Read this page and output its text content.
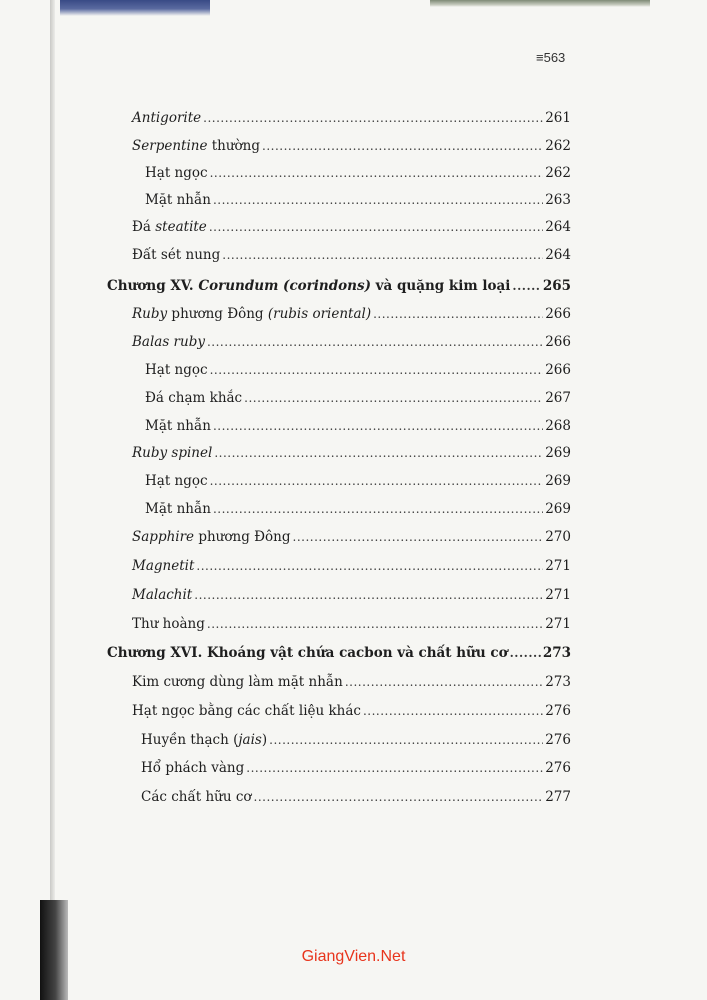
≡563
Antigorite .....	261
Serpentine thường .....	262
Hạt ngọc .....	262
Mặt nhẫn .....	263
Đá steatite .....	264
Đất sét nung .....	264
Chương XV. Corundum (corindons) và quặng kim loại ..... 265
Ruby phương Đông (rubis oriental) .....	266
Balas ruby .....	266
Hạt ngọc .....	266
Đá chạm khắc .....	267
Mặt nhẫn .....	268
Ruby spinel .....	269
Hạt ngọc .....	269
Mặt nhẫn .....	269
Sapphire phương Đông .....	270
Magnetit .....	271
Malachit .....	271
Thư hoàng .....	271
Chương XVI. Khoáng vật chứa cacbon và chất hữu cơ .....	273
Kim cương dùng làm mặt nhẫn .....	273
Hạt ngọc bằng các chất liệu khác .....	276
Huyền thạch (jais) .....	276
Hổ phách vàng .....	276
Các chất hữu cơ .....	277
GiangVien.Net
